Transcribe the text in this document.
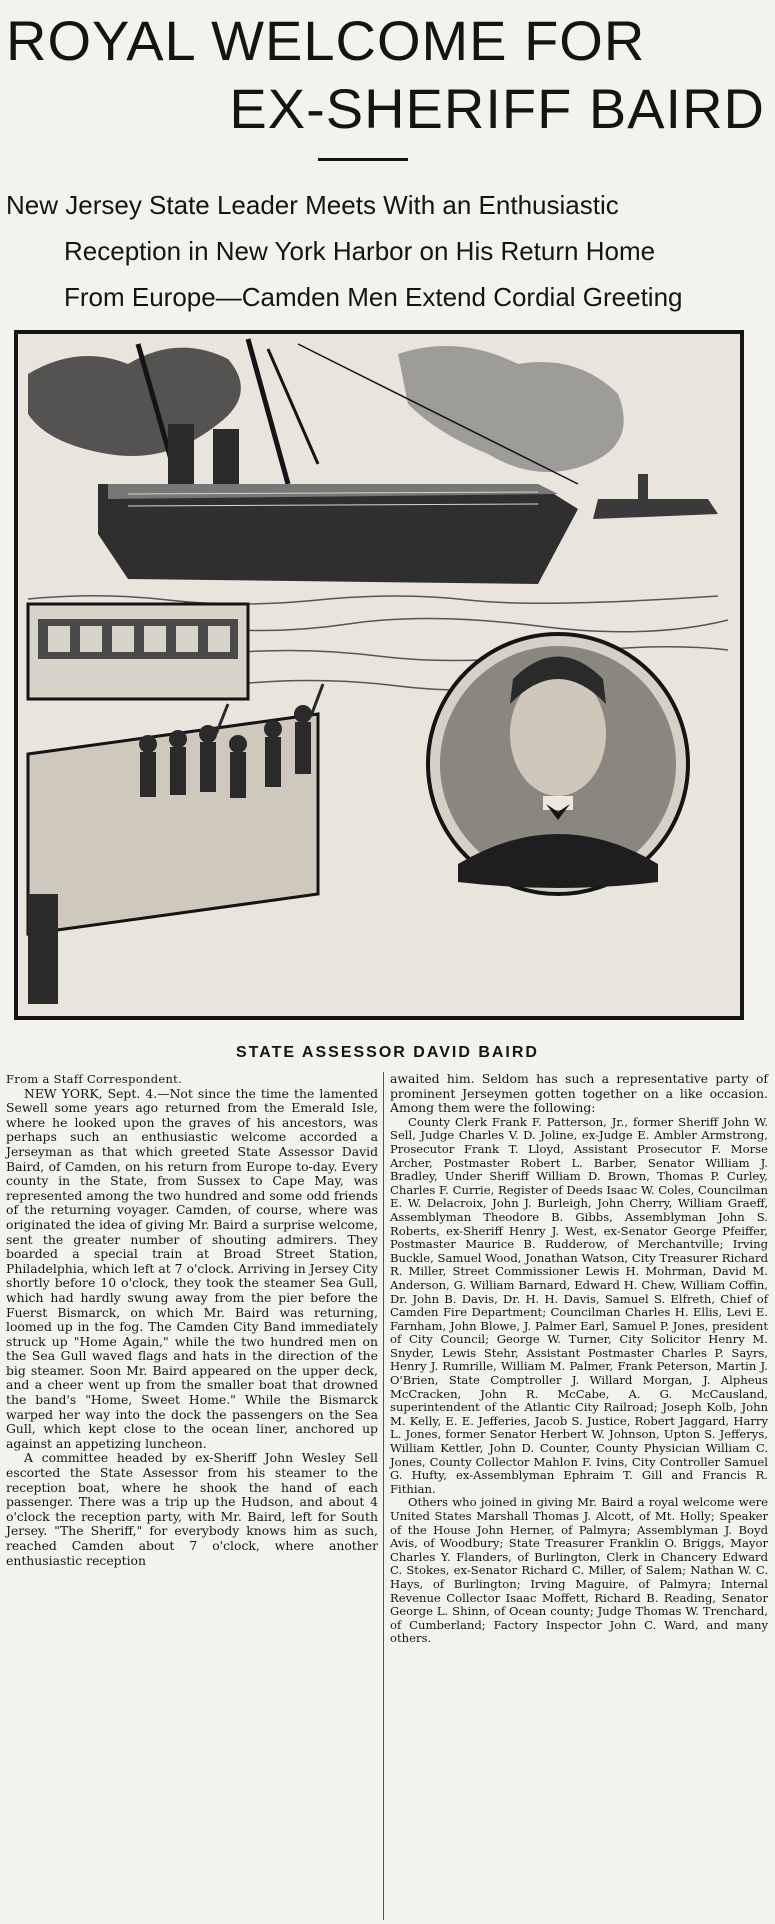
ROYAL WELCOME FOR
EX-SHERIFF BAIRD
New Jersey State Leader Meets With an Enthusiastic
Reception in New York Harbor on His Return Home
From Europe—Camden Men Extend Cordial Greeting
STATE ASSESSOR DAVID BAIRD

From a Staff Correspondent.

NEW YORK, Sept. 4.—Not since the time the lamented Sewell some years ago returned from the Emerald Isle, where he looked upon the graves of his ancestors, was perhaps such an enthusiastic welcome accorded a Jerseyman as that which greeted State Assessor David Baird, of Camden, on his return from Europe to-day. Every county in the State, from Sussex to Cape May, was represented among the two hundred and some odd friends of the returning voyager. Camden, of course, where was originated the idea of giving Mr. Baird a surprise welcome, sent the greater number of shouting admirers. They boarded a special train at Broad Street Station, Philadelphia, which left at 7 o'clock. Arriving in Jersey City shortly before 10 o'clock, they took the steamer Sea Gull, which had hardly swung away from the pier before the Fuerst Bismarck, on which Mr. Baird was returning, loomed up in the fog. The Camden City Band immediately struck up "Home Again," while the two hundred men on the Sea Gull waved flags and hats in the direction of the big steamer. Soon Mr. Baird appeared on the upper deck, and a cheer went up from the smaller boat that drowned the band's "Home, Sweet Home." While the Bismarck warped her way into the dock the passengers on the Sea Gull, which kept close to the ocean liner, anchored up against an appetizing luncheon.

A committee headed by ex-Sheriff John Wesley Sell escorted the State Assessor from his steamer to the reception boat, where he shook the hand of each passenger. There was a trip up the Hudson, and about 4 o'clock the reception party, with Mr. Baird, left for South Jersey. "The Sheriff," for everybody knows him as such, reached Camden about 7 o'clock, where another enthusiastic reception

awaited him. Seldom has such a representative party of prominent Jerseymen gotten together on a like occasion. Among them were the following:

County Clerk Frank F. Patterson, Jr., former Sheriff John W. Sell, Judge Charles V. D. Joline, ex-Judge E. Ambler Armstrong, Prosecutor Frank T. Lloyd, Assistant Prosecutor F. Morse Archer, Postmaster Robert L. Barber, Senator William J. Bradley, Under Sheriff William D. Brown, Thomas P. Curley, Charles F. Currie, Register of Deeds Isaac W. Coles, Councilman E. W. Delacroix, John J. Burleigh, John Cherry, William Graeff, Assemblyman Theodore B. Gibbs, Assemblyman John S. Roberts, ex-Sheriff Henry J. West, ex-Senator George Pfeiffer, Postmaster Maurice B. Rudderow, of Merchantville; Irving Buckle, Samuel Wood, Jonathan Watson, City Treasurer Richard R. Miller, Street Commissioner Lewis H. Mohrman, David M. Anderson, G. William Barnard, Edward H. Chew, William Coffin, Dr. John B. Davis, Dr. H. H. Davis, Samuel S. Elfreth, Chief of Camden Fire Department; Councilman Charles H. Ellis, Levi E. Farnham, John Blowe, J. Palmer Earl, Samuel P. Jones, president of City Council; George W. Turner, City Solicitor Henry M. Snyder, Lewis Stehr, Assistant Postmaster Charles P. Sayrs, Henry J. Rumrille, William M. Palmer, Frank Peterson, Martin J. O'Brien, State Comptroller J. Willard Morgan, J. Alpheus McCracken, John R. McCabe, A. G. McCausland, superintendent of the Atlantic City Railroad; Joseph Kolb, John M. Kelly, E. E. Jefferies, Jacob S. Justice, Robert Jaggard, Harry L. Jones, former Senator Herbert W. Johnson, Upton S. Jefferys, William Kettler, John D. Counter, County Physician William C. Jones, County Collector Mahlon F. Ivins, City Controller Samuel G. Hufty, ex-Assemblyman Ephraim T. Gill and Francis R. Fithian.

Others who joined in giving Mr. Baird a royal welcome were United States Marshall Thomas J. Alcott, of Mt. Holly; Speaker of the House John Herner, of Palmyra; Assemblyman J. Boyd Avis, of Woodbury; State Treasurer Franklin O. Briggs, Mayor Charles Y. Flanders, of Burlington, Clerk in Chancery Edward C. Stokes, ex-Senator Richard C. Miller, of Salem; Nathan W. C. Hays, of Burlington; Irving Maguire, of Palmyra; Internal Revenue Collector Isaac Moffett, Richard B. Reading, Senator George L. Shinn, of Ocean county; Judge Thomas W. Trenchard, of Cumberland; Factory Inspector John C. Ward, and many others.
